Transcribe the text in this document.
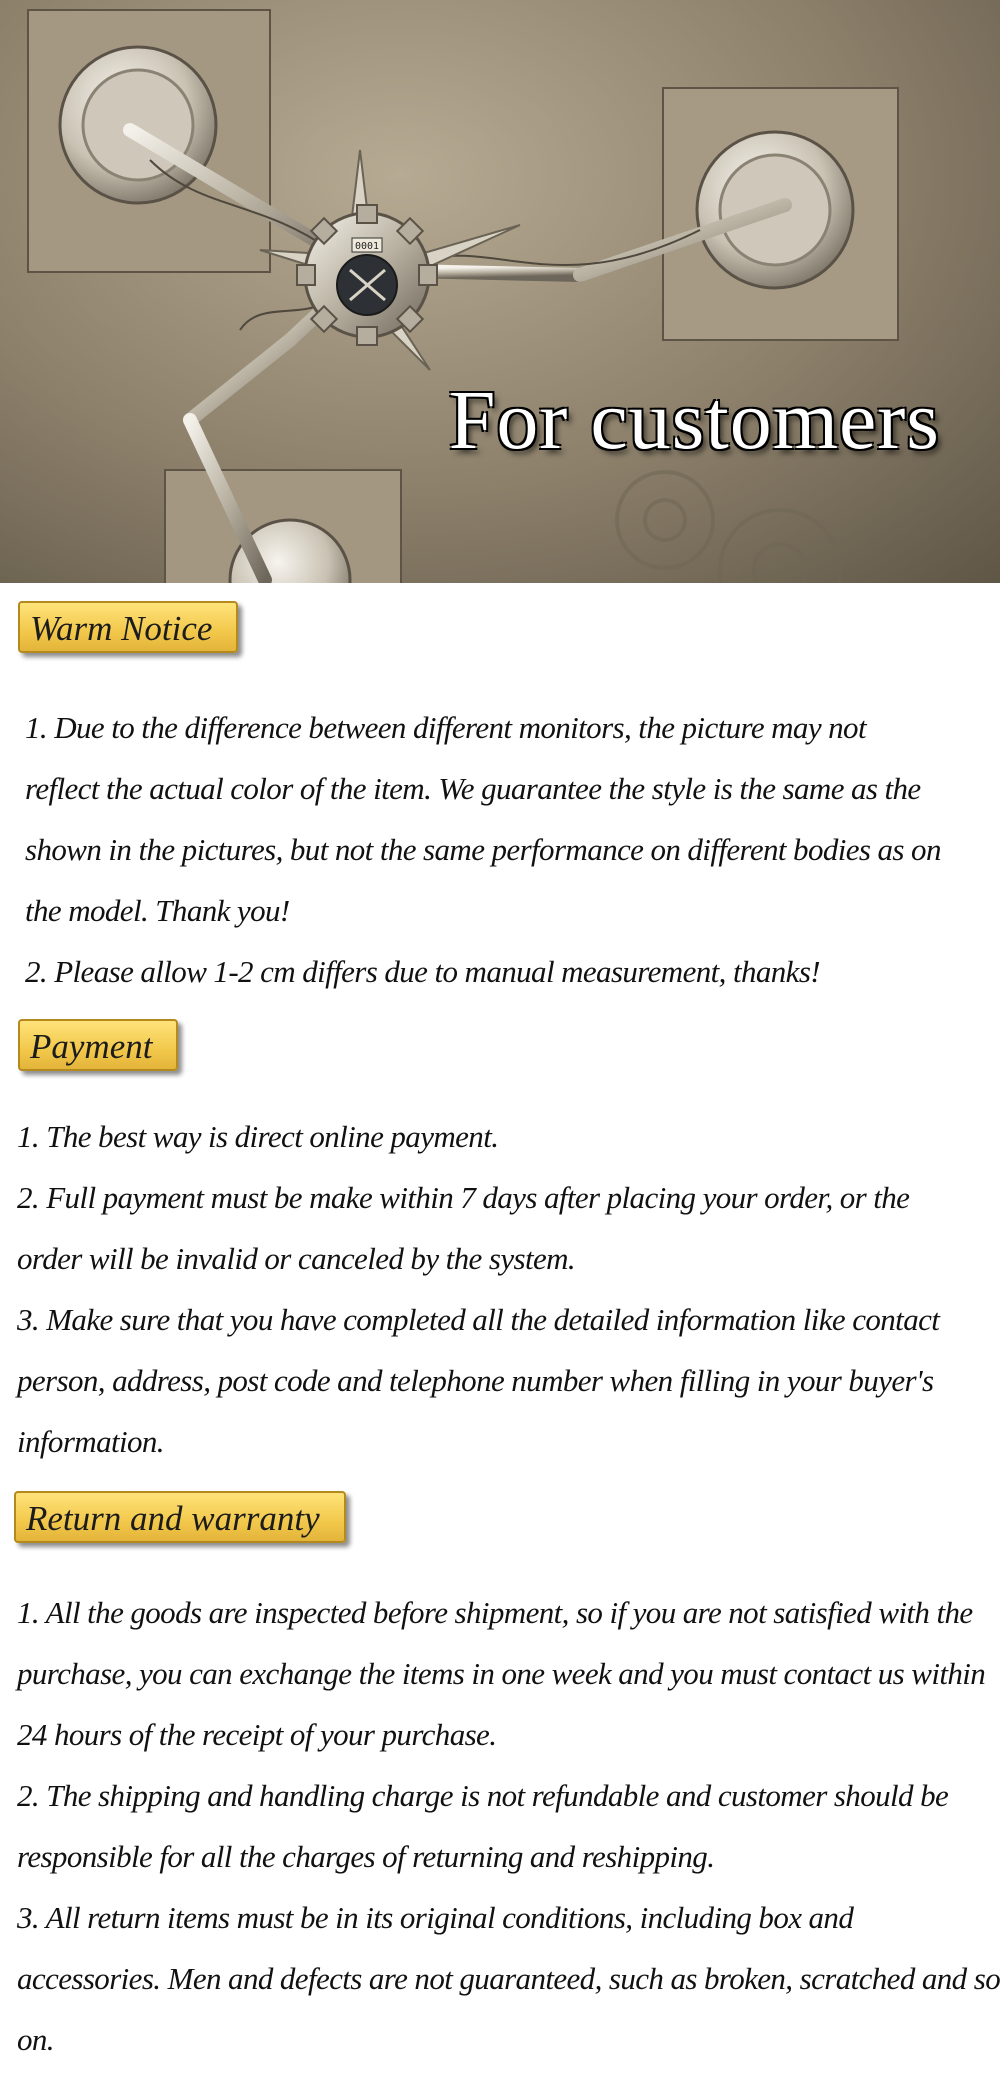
0001
For customers
Warm Notice

1. Due to the difference between different monitors, the picture may not

reflect the actual color of the item. We guarantee the style is the same as the

shown in the pictures, but not the same performance on different bodies as on

the model. Thank you!

2. Please allow 1-2 cm differs due to manual measurement, thanks!

Payment

1. The best way is direct online payment.

2. Full payment must be make within 7 days after placing your order, or the

order will be invalid or canceled by the system.

3. Make sure that you have completed all the detailed information like contact

person, address, post code and telephone number when filling in your buyer's

information.

Return and warranty

1. All the goods are inspected before shipment, so if you are not satisfied with the

purchase, you can exchange the items in one week and you must contact us within

24 hours of the receipt of your purchase.

2. The shipping and handling charge is not refundable and customer should be

responsible for all the charges of returning and reshipping.

3. All return items must be in its original conditions, including box and

accessories. Men and defects are not guaranteed, such as broken, scratched and so

on.
